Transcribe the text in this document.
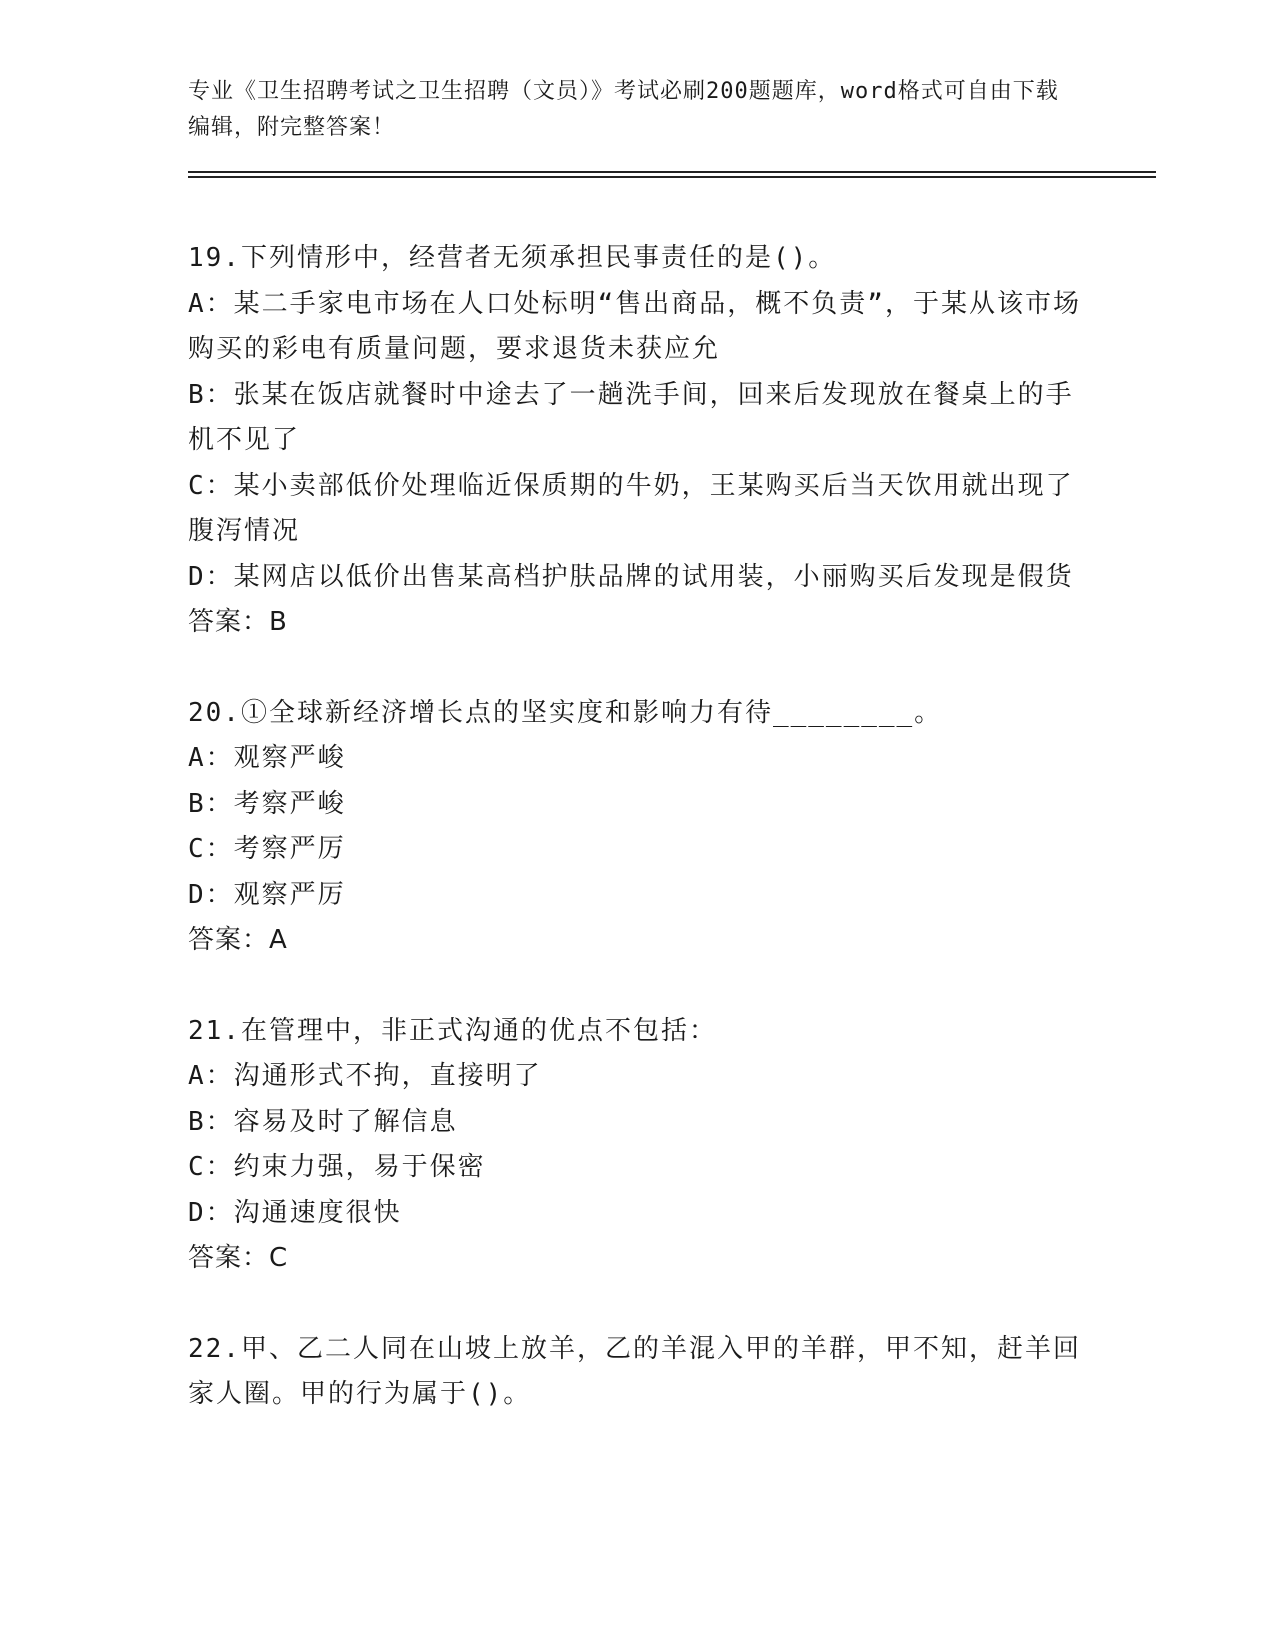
专业《卫生招聘考试之卫生招聘（文员）》考试必刷200题题库，word格式可自由下载编辑，附完整答案！
19.下列情形中，经营者无须承担民事责任的是()。
A：某二手家电市场在人口处标明“售出商品，概不负责”，于某从该市场购买的彩电有质量问题，要求退货未获应允
B：张某在饭店就餐时中途去了一趟洗手间，回来后发现放在餐桌上的手机不见了
C：某小卖部低价处理临近保质期的牛奶，王某购买后当天饮用就出现了腹泻情况
D：某网店以低价出售某高档护肤品牌的试用装，小丽购买后发现是假货
答案：B
20.①全球新经济增长点的坚实度和影响力有待________。
A：观察严峻
B：考察严峻
C：考察严厉
D：观察严厉
答案：A
21.在管理中，非正式沟通的优点不包括：
A：沟通形式不拘，直接明了
B：容易及时了解信息
C：约束力强，易于保密
D：沟通速度很快
答案：C
22.甲、乙二人同在山坡上放羊，乙的羊混入甲的羊群，甲不知，赶羊回家人圈。甲的行为属于()。
